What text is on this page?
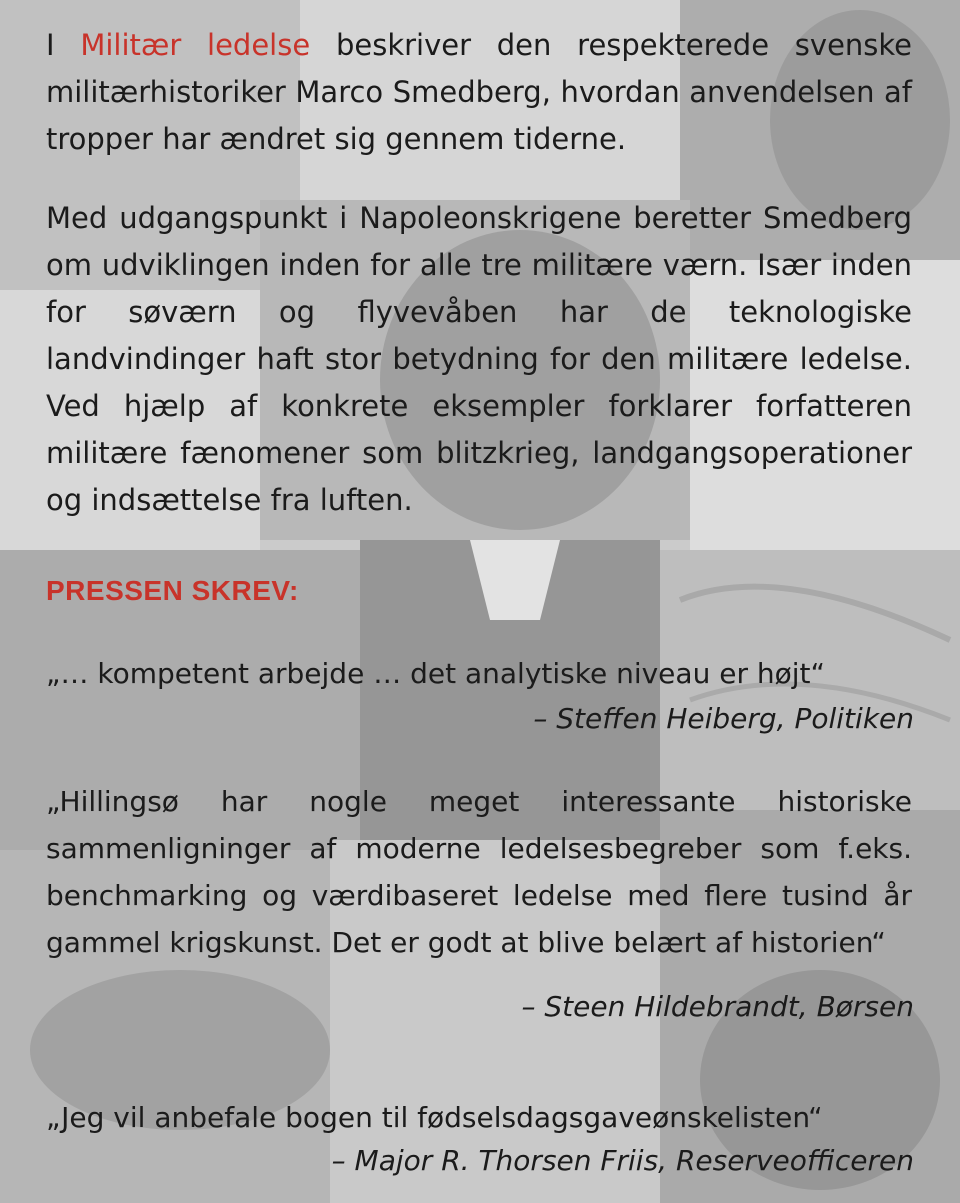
I Militær ledelse beskriver den respekterede svenske militærhistoriker Marco Smedberg, hvordan anvendelsen af tropper har ændret sig gennem tiderne.

Med udgangspunkt i Napoleonskrigene beretter Smedberg om udviklingen inden for alle tre militære værn. Især inden for søværn og flyvevåben har de teknologiske landvindinger haft stor betydning for den militære ledelse. Ved hjælp af konkrete eksempler forklarer forfatteren militære fænomener som blitzkrieg, landgangsoperationer og indsættelse fra luften.

PRESSEN SKREV:

„… kompetent arbejde … det analytiske niveau er højt“

– Steffen Heiberg, Politiken

„Hillingsø har nogle meget interessante historiske sammenligninger af moderne ledelsesbegreber som f.eks. benchmarking og værdibaseret ledelse med flere tusind år gammel krigskunst. Det er godt at blive belært af historien“

– Steen Hildebrandt, Børsen

„Jeg vil anbefale bogen til fødselsdagsgaveønskelisten“

– Major R. Thorsen Friis, Reserveofficeren
